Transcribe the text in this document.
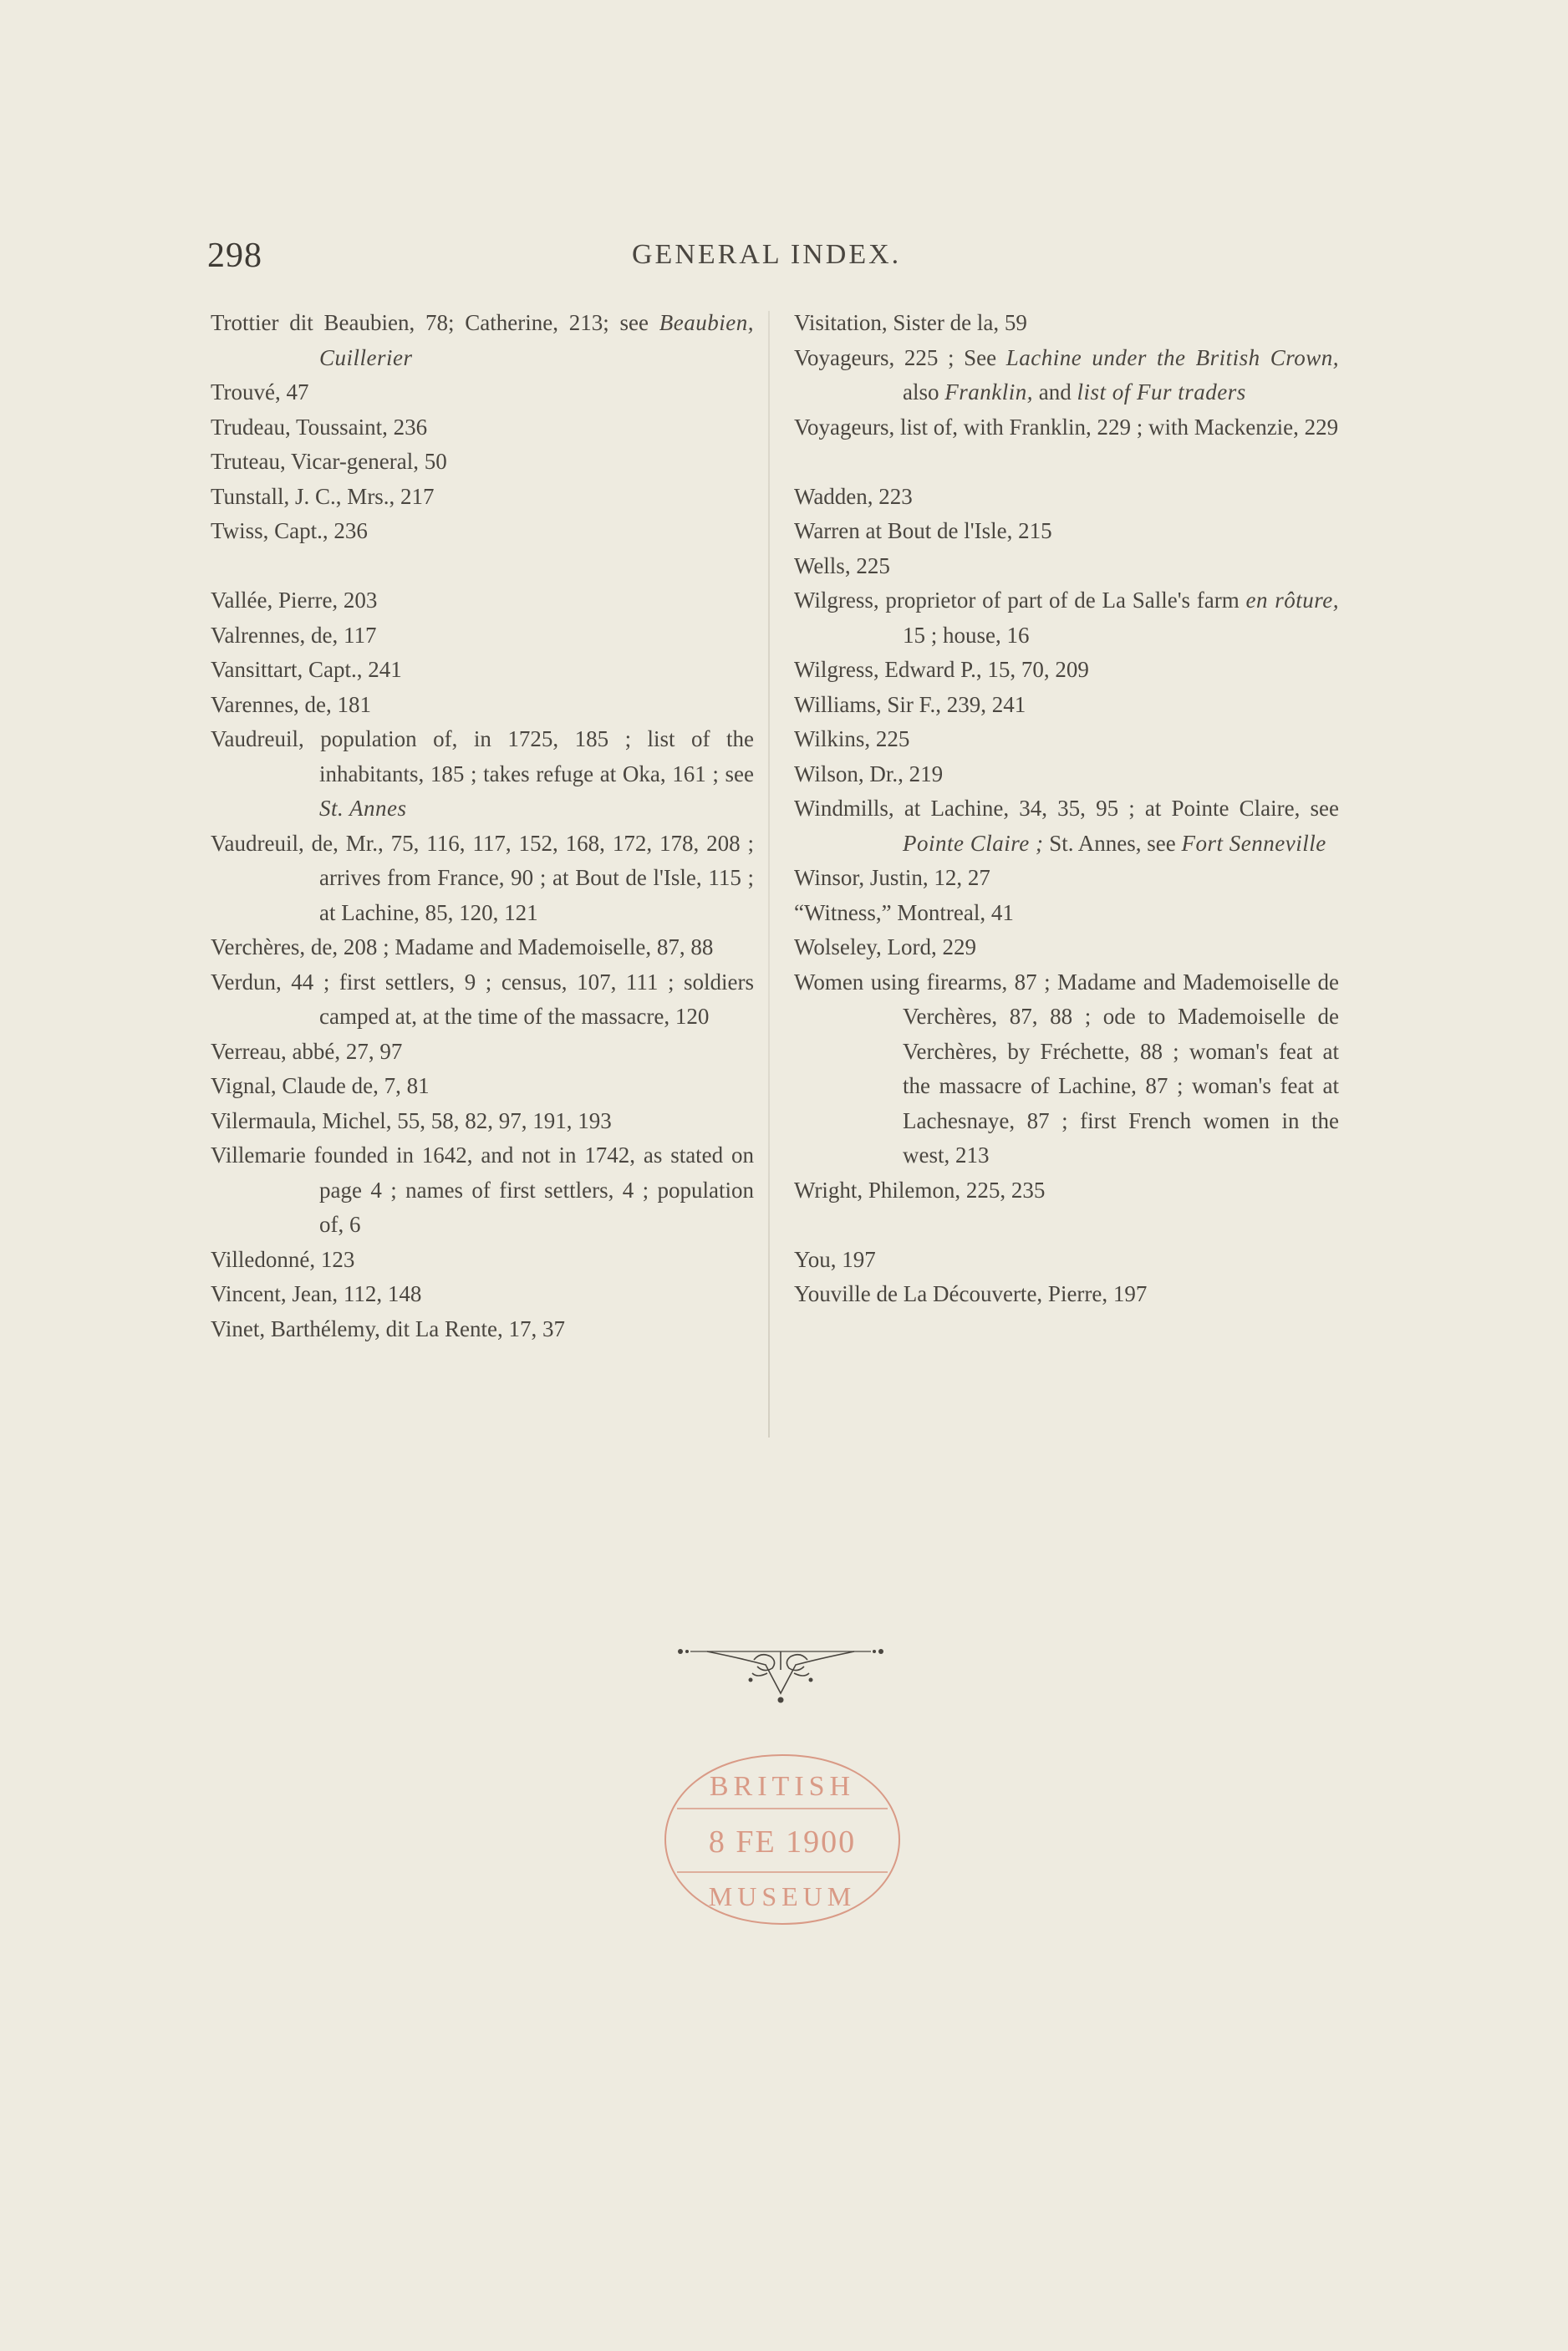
298	GENERAL INDEX.
Trottier dit Beaubien, 78; Catherine, 213; see Beaubien, Cuillerier
Trouvé, 47
Trudeau, Toussaint, 236
Truteau, Vicar-general, 50
Tunstall, J. C., Mrs., 217
Twiss, Capt., 236
Vallée, Pierre, 203
Valrennes, de, 117
Vansittart, Capt., 241
Varennes, de, 181
Vaudreuil, population of, in 1725, 185 ; list of the inhabitants, 185 ; takes refuge at Oka, 161 ; see St. Annes
Vaudreuil, de, Mr., 75, 116, 117, 152, 168, 172, 178, 208 ; arrives from France, 90 ; at Bout de l'Isle, 115 ; at Lachine, 85, 120, 121
Verchères, de, 208 ; Madame and Mademoiselle, 87, 88
Verdun, 44 ; first settlers, 9 ; census, 107, 111 ; soldiers camped at, at the time of the massacre, 120
Verreau, abbé, 27, 97
Vignal, Claude de, 7, 81
Vilermaula, Michel, 55, 58, 82, 97, 191, 193
Villemarie founded in 1642, and not in 1742, as stated on page 4 ; names of first settlers, 4 ; population of, 6
Villedonné, 123
Vincent, Jean, 112, 148
Vinet, Barthélemy, dit La Rente, 17, 37
Visitation, Sister de la, 59
Voyageurs, 225 ; See Lachine under the British Crown, also Franklin, and list of Fur traders
Voyageurs, list of, with Franklin, 229 ; with Mackenzie, 229
Wadden, 223
Warren at Bout de l'Isle, 215
Wells, 225
Wilgress, proprietor of part of de La Salle's farm en rôture, 15 ; house, 16
Wilgress, Edward P., 15, 70, 209
Williams, Sir F., 239, 241
Wilkins, 225
Wilson, Dr., 219
Windmills, at Lachine, 34, 35, 95 ; at Pointe Claire, see Pointe Claire ; St. Annes, see Fort Senneville
Winsor, Justin, 12, 27
“Witness,” Montreal, 41
Wolseley, Lord, 229
Women using firearms, 87 ; Madame and Mademoiselle de Verchères, 87, 88 ; ode to Mademoiselle de Verchères, by Fréchette, 88 ; woman's feat at the massacre of Lachine, 87 ; woman's feat at Lachesnaye, 87 ; first French women in the west, 213
Wright, Philemon, 225, 235
You, 197
Youville de La Découverte, Pierre, 197
BRITISH
8 FE 1900
MUSEUM
